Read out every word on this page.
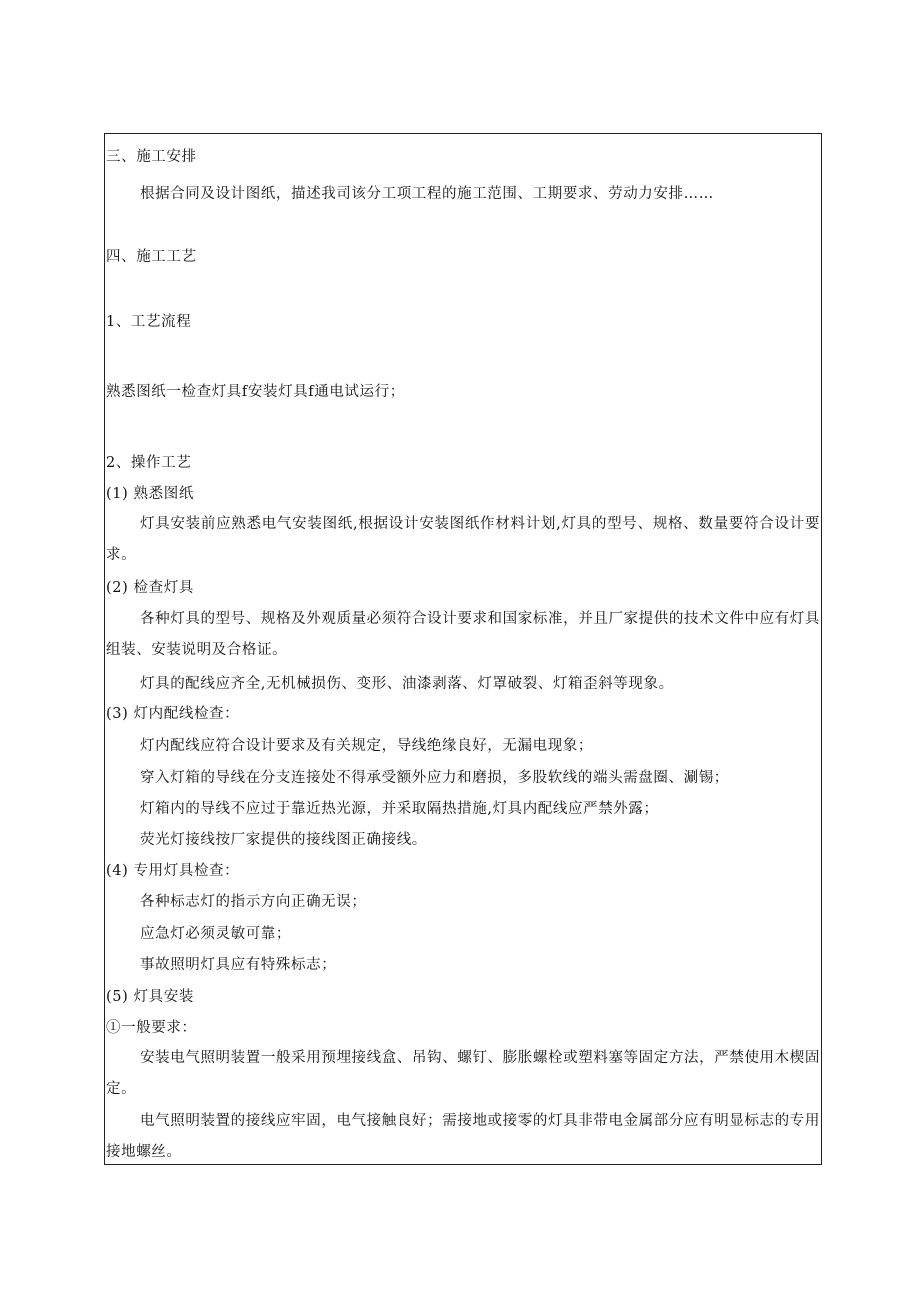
三、施工安排
根据合同及设计图纸，描述我司该分工项工程的施工范围、工期要求、劳动力安排……
四、施工工艺
1、工艺流程
熟悉图纸一检查灯具f安装灯具f通电试运行；
2、操作工艺
(1) 熟悉图纸
灯具安装前应熟悉电气安装图纸,根据设计安装图纸作材料计划,灯具的型号、规格、数量要符合设计要求。
(2) 检查灯具
各种灯具的型号、规格及外观质量必须符合设计要求和国家标准，并且厂家提供的技术文件中应有灯具组装、安装说明及合格证。
灯具的配线应齐全,无机械损伤、变形、油漆剥落、灯罩破裂、灯箱歪斜等现象。
(3) 灯内配线检查：
灯内配线应符合设计要求及有关规定，导线绝缘良好，无漏电现象；
穿入灯箱的导线在分支连接处不得承受额外应力和磨损，多股软线的端头需盘圈、涮锡；
灯箱内的导线不应过于靠近热光源，并采取隔热措施,灯具内配线应严禁外露；
荧光灯接线按厂家提供的接线图正确接线。
(4) 专用灯具检查：
各种标志灯的指示方向正确无误；
应急灯必须灵敏可靠；
事故照明灯具应有特殊标志；
(5) 灯具安装
①一般要求：
安装电气照明装置一般采用预埋接线盒、吊钩、螺钉、膨胀螺栓或塑料塞等固定方法，严禁使用木楔固定。
电气照明装置的接线应牢固，电气接触良好；需接地或接零的灯具非带电金属部分应有明显标志的专用接地螺丝。
